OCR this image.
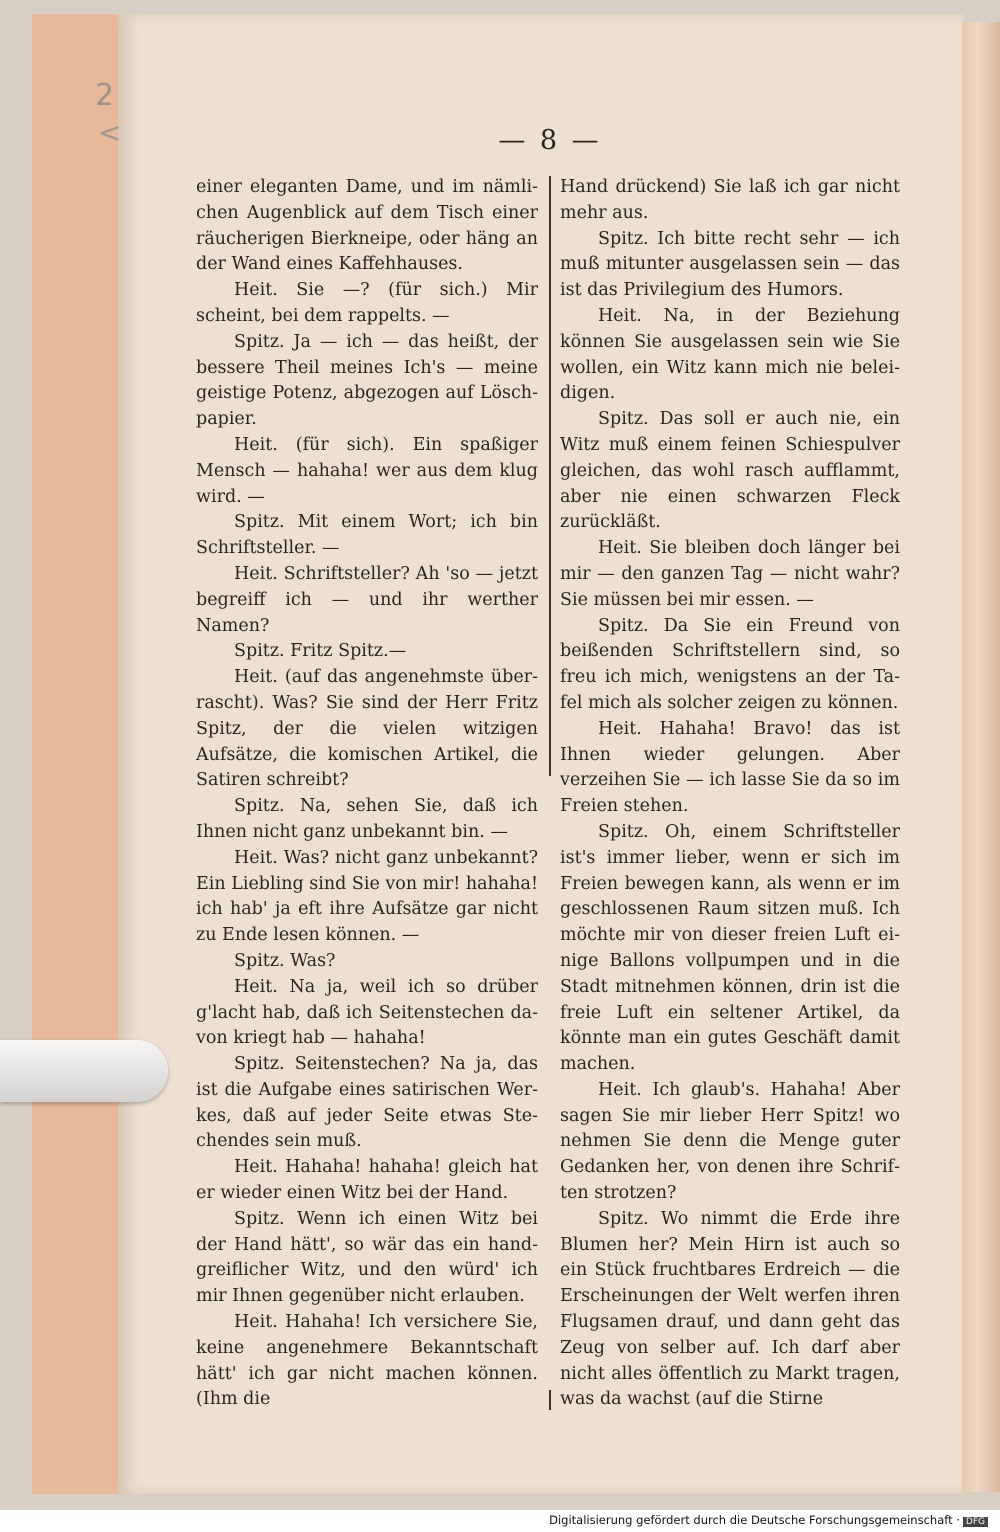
2
<	— 8 —

einer eleganten Dame, und im nämlichen Augenblick auf dem Tisch einer räucherigen Bierkneipe, oder häng an der Wand eines Kaffehhauses.

Heit. Sie —? (für sich.) Mir scheint, bei dem rappelts. —

Spitz. Ja — ich — das heißt, der bessere Theil meines Ich's — meine geistige Potenz, abgezogen auf Löschpapier.

Heit. (für sich). Ein spaßiger Mensch — hahaha! wer aus dem klug wird. —

Spitz. Mit einem Wort; ich bin Schriftsteller. —

Heit. Schriftsteller? Ah 'so — jetzt begreiff ich — und ihr werther Namen?

Spitz. Fritz Spitz.—

Heit. (auf das angenehmste überrascht). Was? Sie sind der Herr Fritz Spitz, der die vielen witzigen Aufsätze, die komischen Artikel, die Satiren schreibt?

Spitz. Na, sehen Sie, daß ich Ihnen nicht ganz unbekannt bin. —

Heit. Was? nicht ganz unbekannt? Ein Liebling sind Sie von mir! hahaha! ich hab' ja eft ihre Aufsätze gar nicht zu Ende lesen können. —

Spitz. Was?

Heit. Na ja, weil ich so drüber g'lacht hab, daß ich Seitenstechen davon kriegt hab — hahaha!

Spitz. Seitenstechen? Na ja, das ist die Aufgabe eines satirischen Werkes, daß auf jeder Seite etwas Stechendes sein muß.

Heit. Hahaha! hahaha! gleich hat er wieder einen Witz bei der Hand.

Spitz. Wenn ich einen Witz bei der Hand hätt', so wär das ein handgreiflicher Witz, und den würd' ich mir Ihnen gegenüber nicht erlauben.

Heit. Hahaha! Ich versichere Sie, keine angenehmere Bekanntschaft hätt' ich gar nicht machen können. (Ihm die

Hand drückend) Sie laß ich gar nicht mehr aus.

Spitz. Ich bitte recht sehr — ich muß mitunter ausgelassen sein — das ist das Privilegium des Humors.

Heit. Na, in der Beziehung können Sie ausgelassen sein wie Sie wollen, ein Witz kann mich nie beleidigen.

Spitz. Das soll er auch nie, ein Witz muß einem feinen Schiespulver gleichen, das wohl rasch aufflammt, aber nie einen schwarzen Fleck zurückläßt.

Heit. Sie bleiben doch länger bei mir — den ganzen Tag — nicht wahr? Sie müssen bei mir essen. —

Spitz. Da Sie ein Freund von beißenden Schriftstellern sind, so freu ich mich, wenigstens an der Tafel mich als solcher zeigen zu können.

Heit. Hahaha! Bravo! das ist Ihnen wieder gelungen. Aber verzeihen Sie — ich lasse Sie da so im Freien stehen.

Spitz. Oh, einem Schriftsteller ist's immer lieber, wenn er sich im Freien bewegen kann, als wenn er im geschlossenen Raum sitzen muß. Ich möchte mir von dieser freien Luft einige Ballons vollpumpen und in die Stadt mitnehmen können, drin ist die freie Luft ein seltener Artikel, da könnte man ein gutes Geschäft damit machen.

Heit. Ich glaub's. Hahaha! Aber sagen Sie mir lieber Herr Spitz! wo nehmen Sie denn die Menge guter Gedanken her, von denen ihre Schriften strotzen?

Spitz. Wo nimmt die Erde ihre Blumen her? Mein Hirn ist auch so ein Stück fruchtbares Erdreich — die Erscheinungen der Welt werfen ihren Flugsamen drauf, und dann geht das Zeug von selber auf. Ich darf aber nicht alles öffentlich zu Markt tragen, was da wachst (auf die Stirne

Digitalisierung gefördert durch die Deutsche Forschungsgemeinschaft · DFG
